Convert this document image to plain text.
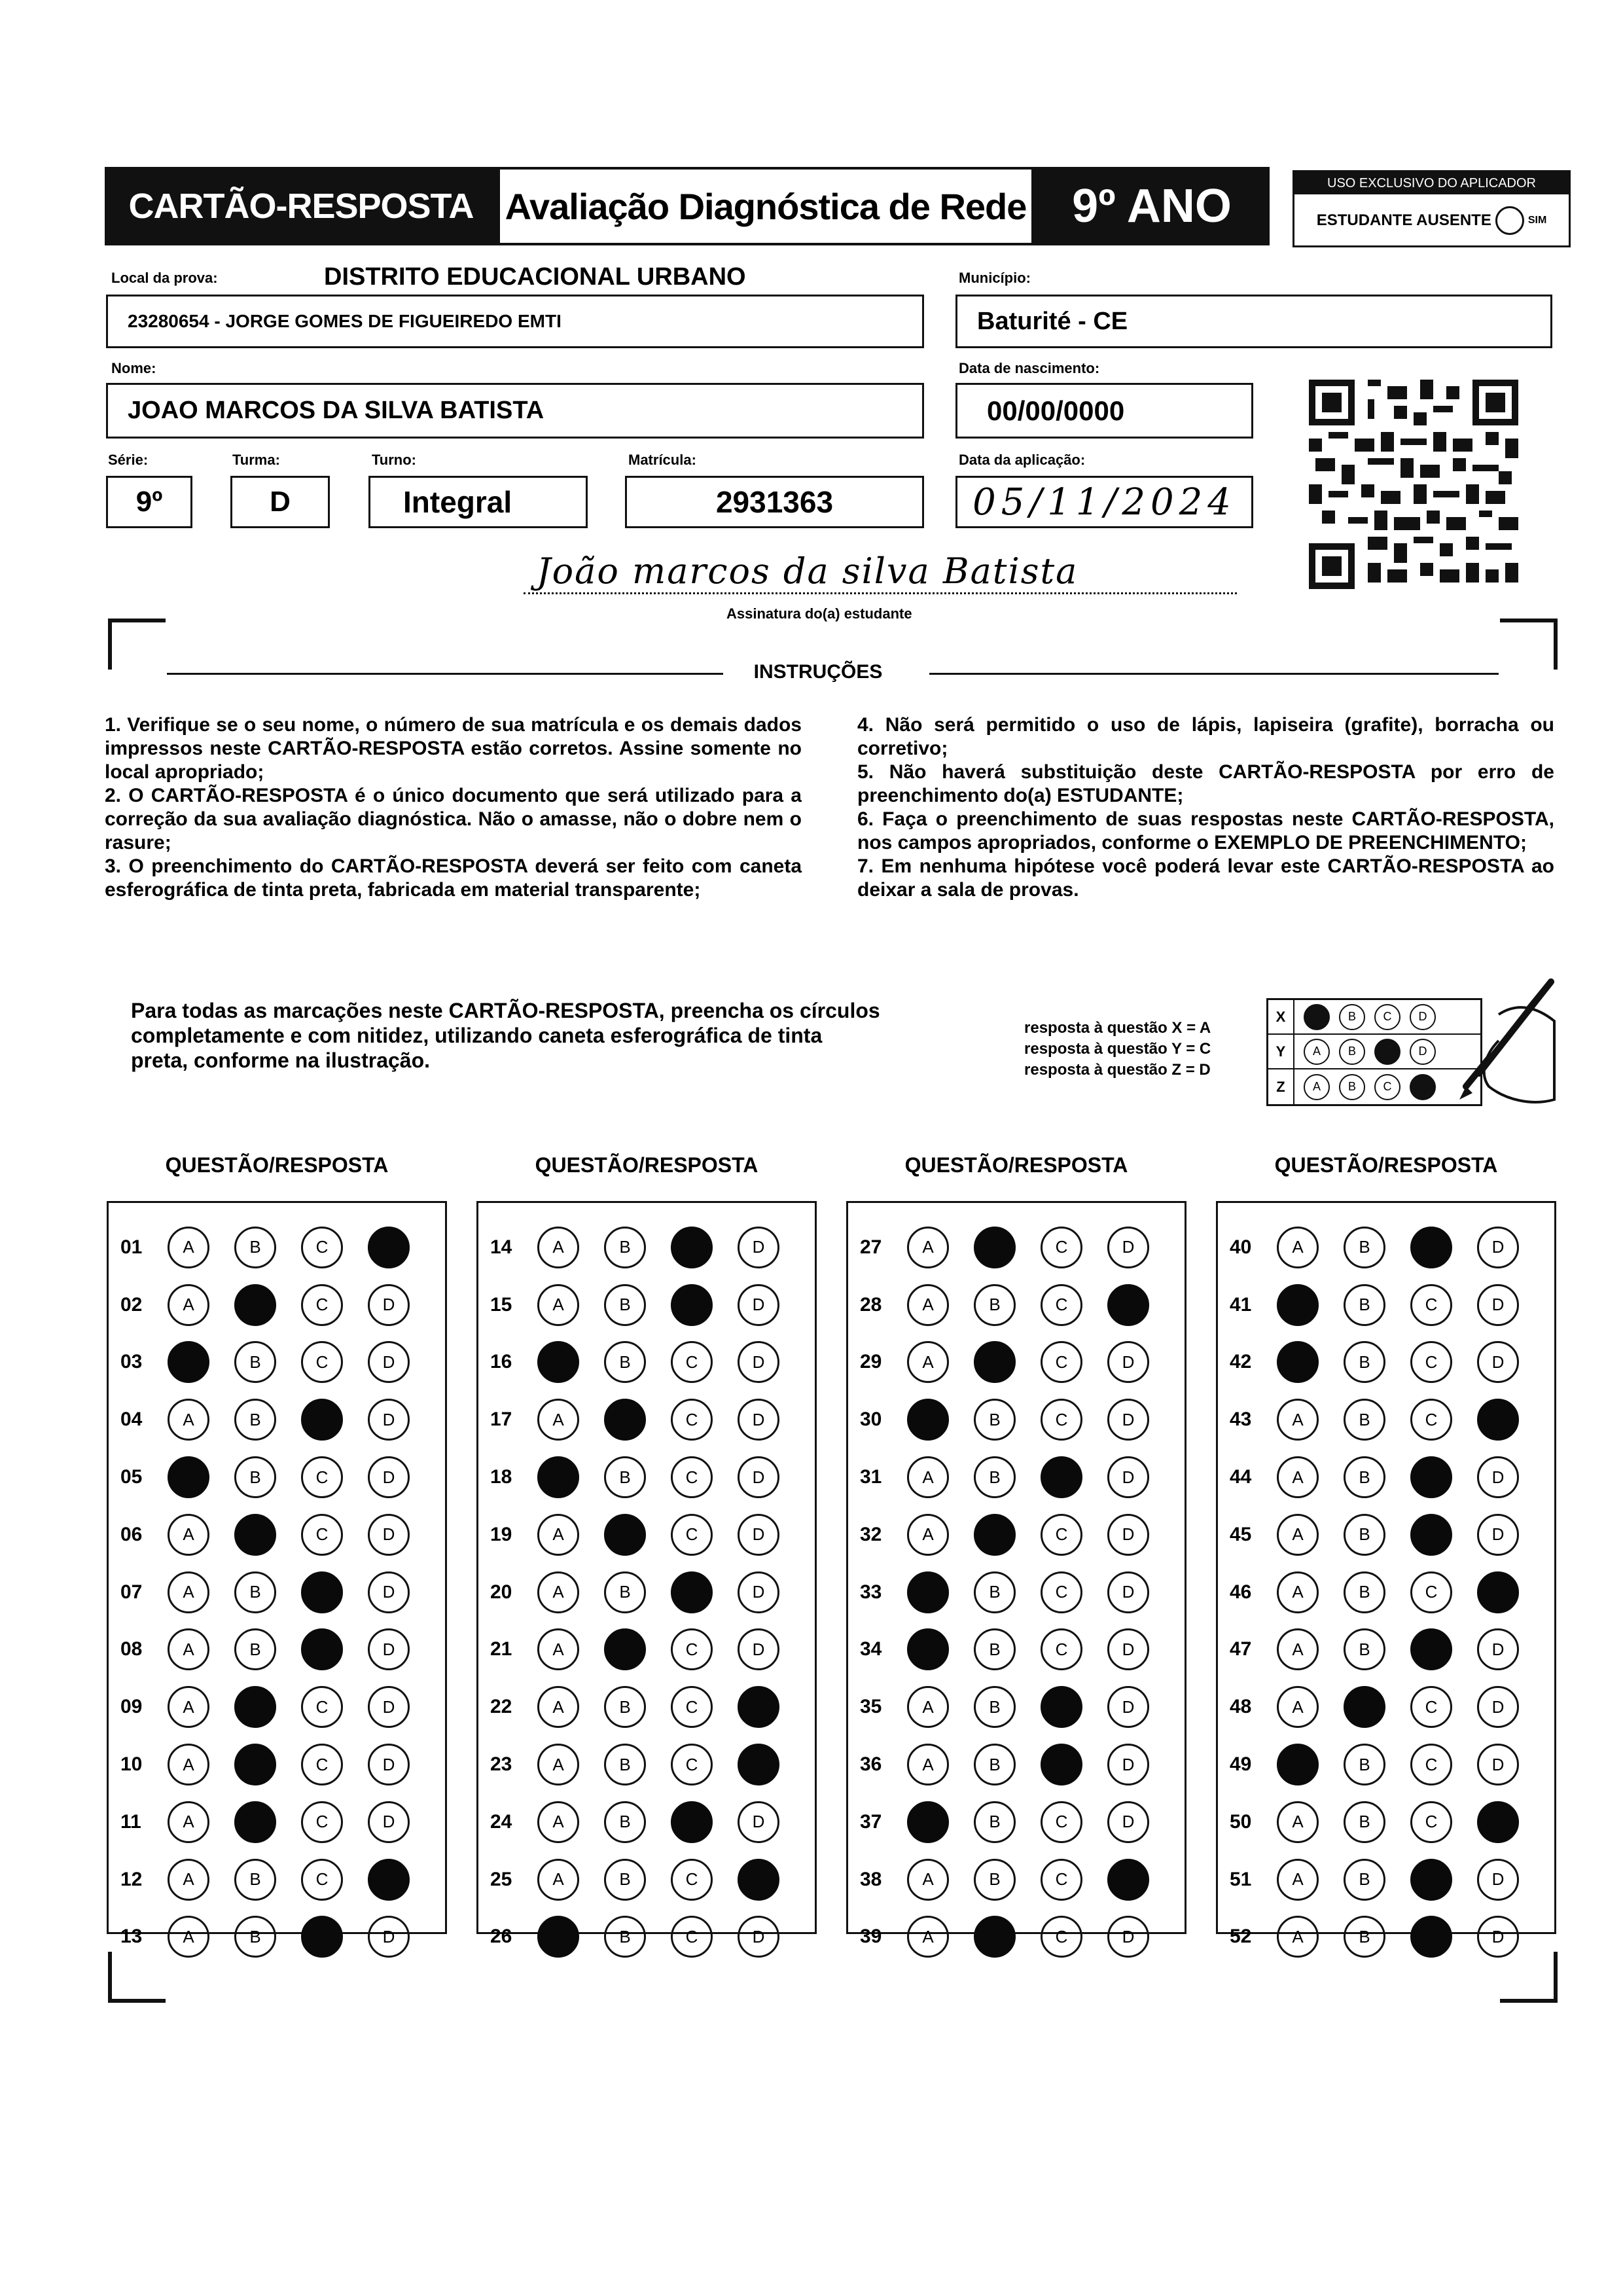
CARTÃO-RESPOSTA Avaliação Diagnóstica de Rede 9º ANO	USO EXCLUSIVO DO APLICADOR
ESTUDANTE AUSENTE	SIM
Local da prova:	DISTRITO EDUCACIONAL URBANO
23280654 - JORGE GOMES DE FIGUEIREDO EMTI
Município:
Baturité - CE
Nome:
JOAO MARCOS DA SILVA BATISTA
Data de nascimento:
00/00/0000
Série:
9º
Turma:
D
Turno:
Integral
Matrícula:
2931363
Data da aplicação:
05/11/2024
João marcos da silva Batista
Assinatura do(a) estudante
INSTRUÇÕES

1. Verifique se o seu nome, o número de sua matrícula e os demais dados impressos neste CARTÃO-RESPOSTA estão corretos. Assine somente no local apropriado;

2. O CARTÃO-RESPOSTA é o único documento que será utilizado para a correção da sua avaliação diagnóstica. Não o amasse, não o dobre nem o rasure;

3. O preenchimento do CARTÃO-RESPOSTA deverá ser feito com caneta esferográfica de tinta preta, fabricada em material transparente;

4. Não será permitido o uso de lápis, lapiseira (grafite), borracha ou corretivo;

5. Não haverá substituição deste CARTÃO-RESPOSTA por erro de preenchimento do(a) ESTUDANTE;

6. Faça o preenchimento de suas respostas neste CARTÃO-RESPOSTA, nos campos apropriados, conforme o EXEMPLO DE PREENCHIMENTO;

7. Em nenhuma hipótese você poderá levar este CARTÃO-RESPOSTA ao deixar a sala de provas.

Para todas as marcações neste CARTÃO-RESPOSTA, preencha os círculos completamente e com nitidez, utilizando caneta esferográfica de tinta preta, conforme na ilustração.
resposta à questão X = A
resposta à questão Y = C
resposta à questão Z = D
X	B	C	D
Y	A	B	D
Z	A	B	C
QUESTÃO/RESPOSTA	QUESTÃO/RESPOSTA	QUESTÃO/RESPOSTA	QUESTÃO/RESPOSTA
01	A	B	C	D
02	A	B	C	D
03	A	B	C	D
04	A	B	C	D
05	A	B	C	D
06	A	B	C	D
07	A	B	C	D
08	A	B	C	D
09	A	B	C	D
10	A	B	C	D
11	A	B	C	D
12	A	B	C	D
13	A	B	C	D
14	A	B	C	D
15	A	B	C	D
16	A	B	C	D
17	A	B	C	D
18	A	B	C	D
19	A	B	C	D
20	A	B	C	D
21	A	B	C	D
22	A	B	C	D
23	A	B	C	D
24	A	B	C	D
25	A	B	C	D
26	A	B	C	D
27	A	B	C	D
28	A	B	C	D
29	A	B	C	D
30	A	B	C	D
31	A	B	C	D
32	A	B	C	D
33	A	B	C	D
34	A	B	C	D
35	A	B	C	D
36	A	B	C	D
37	A	B	C	D
38	A	B	C	D
39	A	B	C	D
40	A	B	C	D
41	A	B	C	D
42	A	B	C	D
43	A	B	C	D
44	A	B	C	D
45	A	B	C	D
46	A	B	C	D
47	A	B	C	D
48	A	B	C	D
49	A	B	C	D
50	A	B	C	D
51	A	B	C	D
52	A	B	C	D
